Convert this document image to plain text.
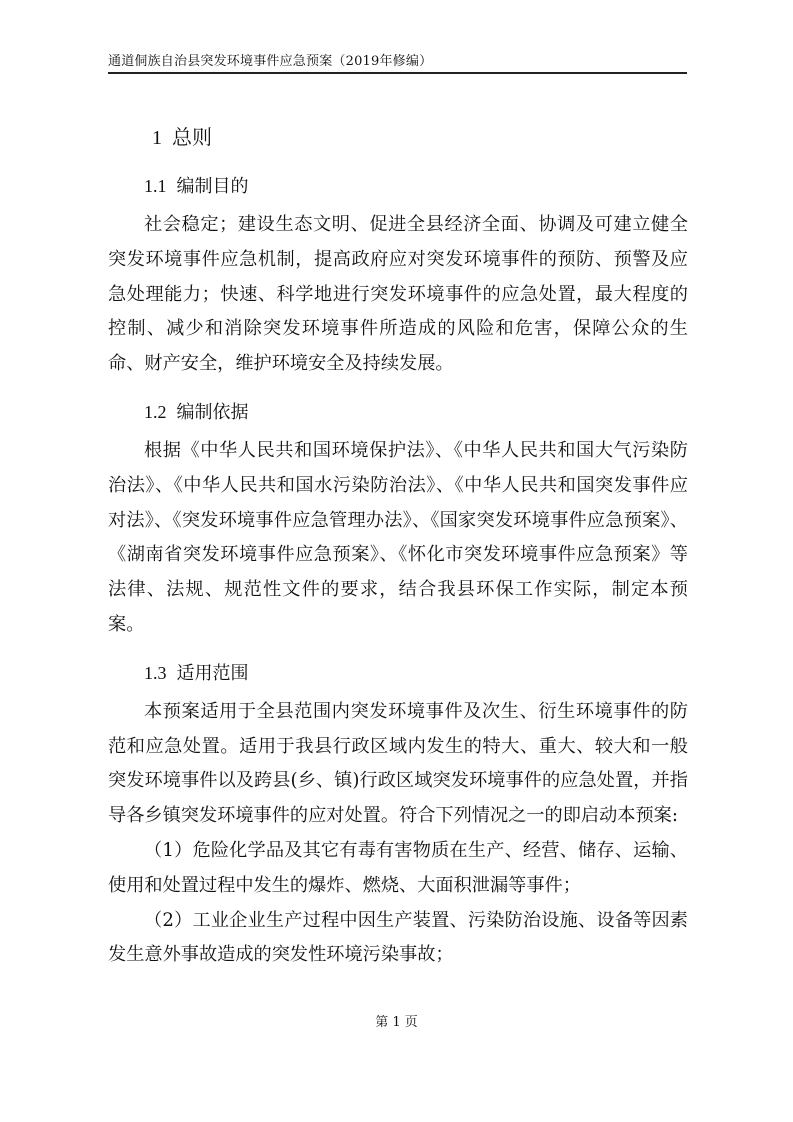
通道侗族自治县突发环境事件应急预案（2019年修编）
1 总则
1.1 编制目的

社会稳定；建设生态文明、促进全县经济全面、协调及可建立健全突发环境事件应急机制，提高政府应对突发环境事件的预防、预警及应急处理能力；快速、科学地进行突发环境事件的应急处置，最大程度的控制、减少和消除突发环境事件所造成的风险和危害，保障公众的生命、财产安全，维护环境安全及持续发展。

1.2 编制依据

根据《中华人民共和国环境保护法》、《中华人民共和国大气污染防治法》、《中华人民共和国水污染防治法》、《中华人民共和国突发事件应对法》、《突发环境事件应急管理办法》、《国家突发环境事件应急预案》、《湖南省突发环境事件应急预案》、《怀化市突发环境事件应急预案》等法律、法规、规范性文件的要求，结合我县环保工作实际，制定本预案。

1.3 适用范围

本预案适用于全县范围内突发环境事件及次生、衍生环境事件的防范和应急处置。适用于我县行政区域内发生的特大、重大、较大和一般突发环境事件以及跨县(乡、镇)行政区域突发环境事件的应急处置，并指导各乡镇突发环境事件的应对处置。符合下列情况之一的即启动本预案:

（1）危险化学品及其它有毒有害物质在生产、经营、储存、运输、使用和处置过程中发生的爆炸、燃烧、大面积泄漏等事件；

（2）工业企业生产过程中因生产装置、污染防治设施、设备等因素发生意外事故造成的突发性环境污染事故；

第 1 页
